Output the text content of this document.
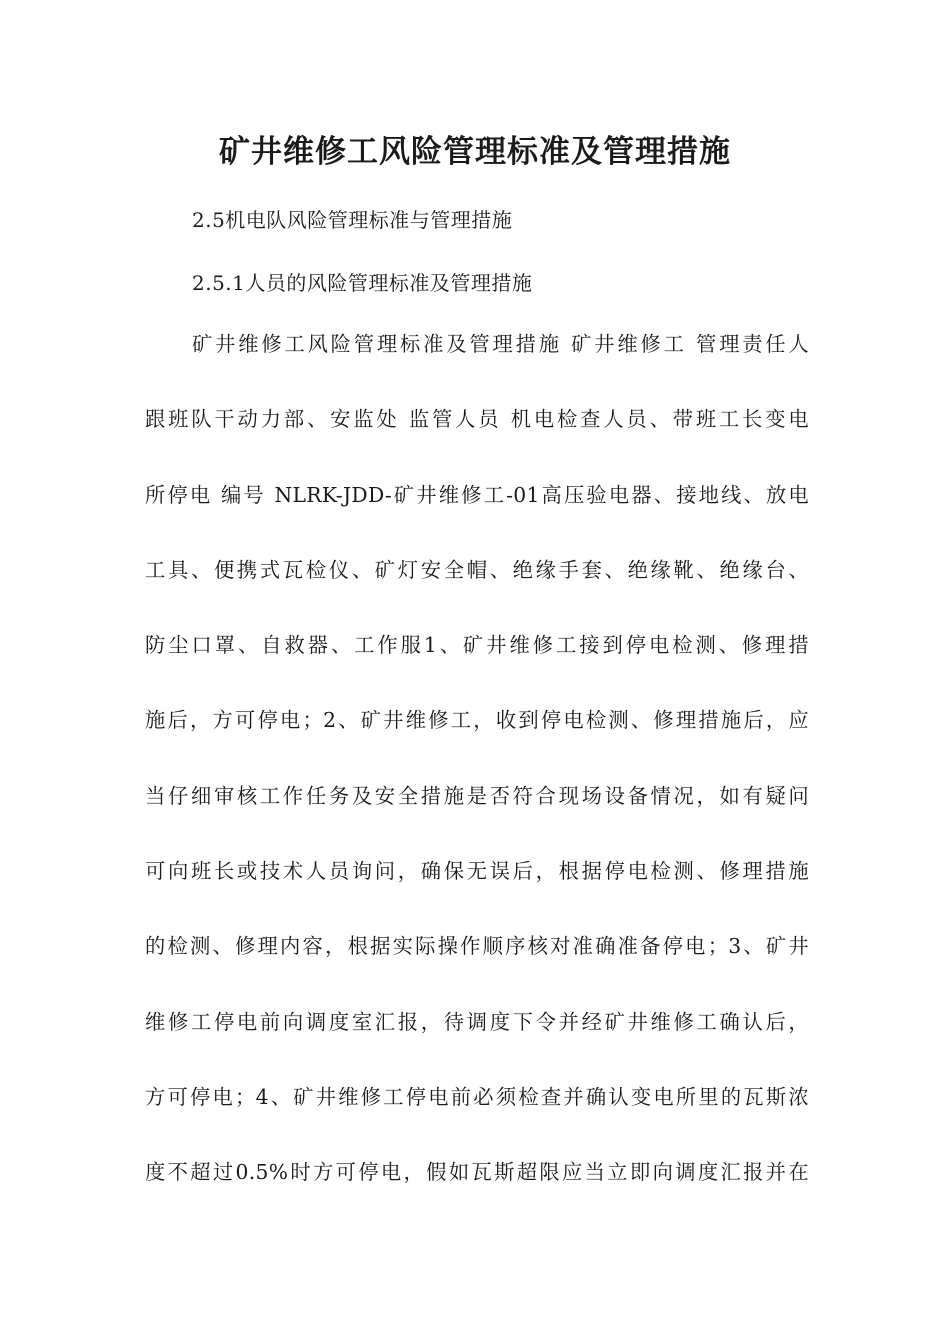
矿井维修工风险管理标准及管理措施

2.5机电队风险管理标准与管理措施

2.5.1人员的风险管理标准及管理措施

矿井维修工风险管理标准及管理措施 矿井维修工 管理责任人
跟班队干动力部、安监处 监管人员 机电检查人员、带班工长变电
所停电 编号 NLRK-JDD-矿井维修工-01高压验电器、接地线、放电
工具、便携式瓦检仪、矿灯安全帽、绝缘手套、绝缘靴、绝缘台、
防尘口罩、自救器、工作服1、矿井维修工接到停电检测、修理措
施后，方可停电；2、矿井维修工，收到停电检测、修理措施后，应
当仔细审核工作任务及安全措施是否符合现场设备情况，如有疑问
可向班长或技术人员询问，确保无误后，根据停电检测、修理措施
的检测、修理内容，根据实际操作顺序核对准确准备停电；3、矿井
维修工停电前向调度室汇报，待调度下令并经矿井维修工确认后，
方可停电；4、矿井维修工停电前必须检查并确认变电所里的瓦斯浓
度不超过0.5%时方可停电，假如瓦斯超限应当立即向调度汇报并在
